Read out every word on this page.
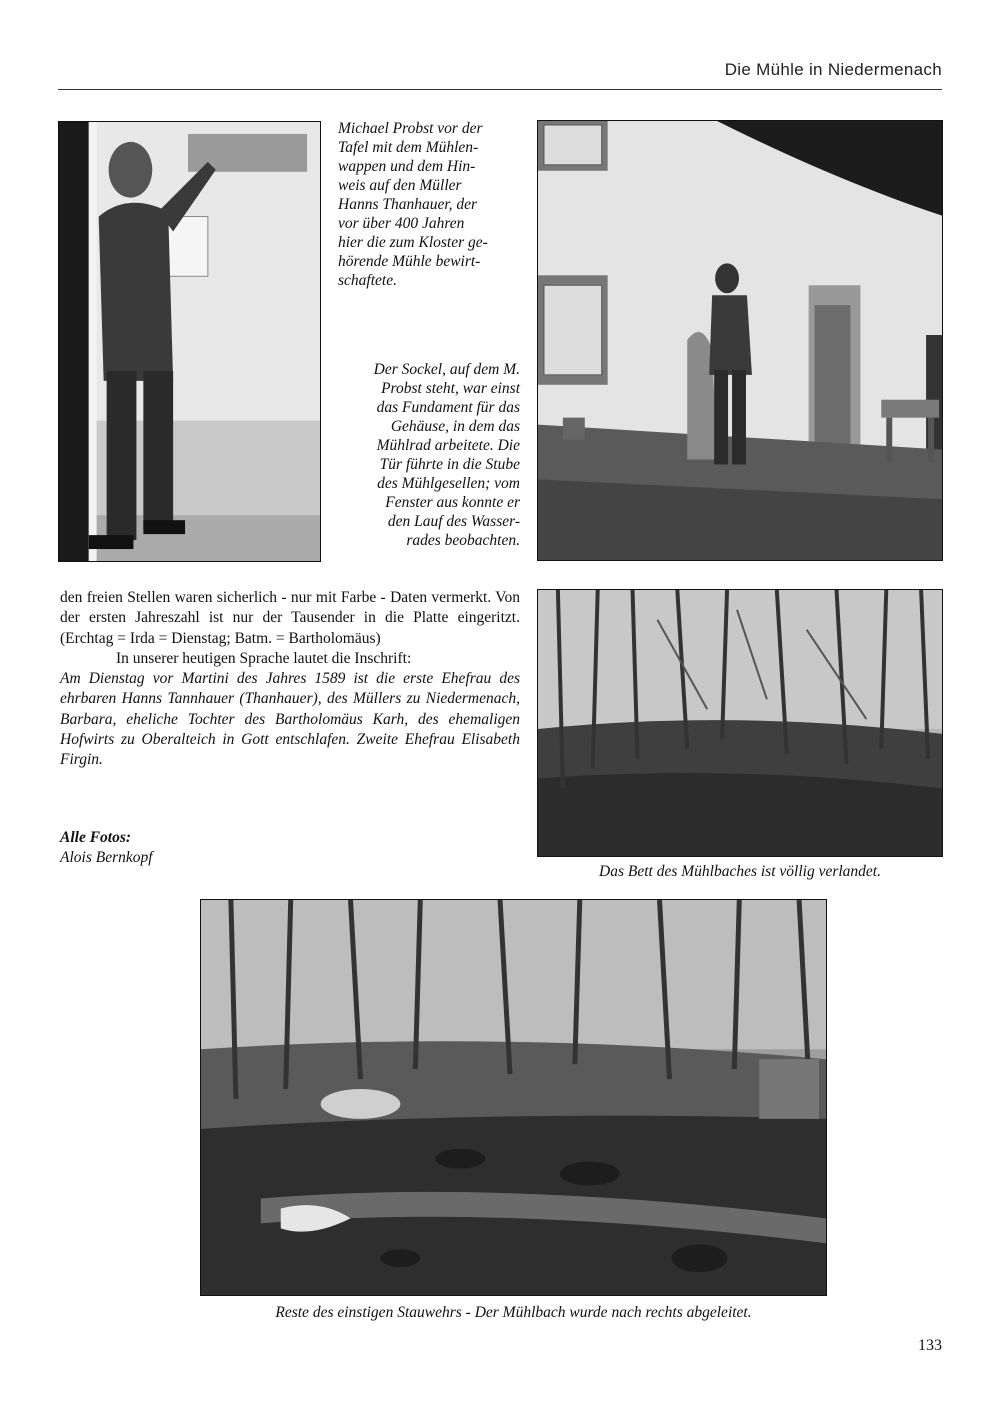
Die Mühle in Niedermenach
Michael Probst vor der
Tafel mit dem Mühlen-
wappen und dem Hin-
weis auf den Müller
Hanns Thanhauer, der
vor über 400 Jahren
hier die zum Kloster ge-
hörende Mühle bewirt-
schaftete.
Der Sockel, auf dem M.
Probst steht, war einst
das Fundament für das
Gehäuse, in dem das
Mühlrad arbeitete. Die
Tür führte in die Stube
des Mühlgesellen; vom
Fenster aus konnte er
den Lauf des Wasser-
rades beobachten.

den freien Stellen waren sicherlich - nur mit Farbe - Daten vermerkt. Von der ersten Jahreszahl ist nur der Tausender in die Platte eingeritzt. (Erchtag = Irda = Dienstag; Batm. = Bartholomäus)

In unserer heutigen Sprache lautet die Inschrift:

Am Dienstag vor Martini des Jahres 1589 ist die erste Ehefrau des ehrbaren Hanns Tannhauer (Thanhauer), des Müllers zu Niedermenach, Barbara, eheliche Tochter des Bartholomäus Karh, des ehemaligen Hofwirts zu Oberalteich in Gott entschlafen. Zweite Ehefrau Elisabeth Firgin.

Alle Fotos:
Alois Bernkopf
Das Bett des Mühlbaches ist völlig verlandet.
Reste des einstigen Stauwehrs - Der Mühlbach wurde nach rechts abgeleitet.
133
